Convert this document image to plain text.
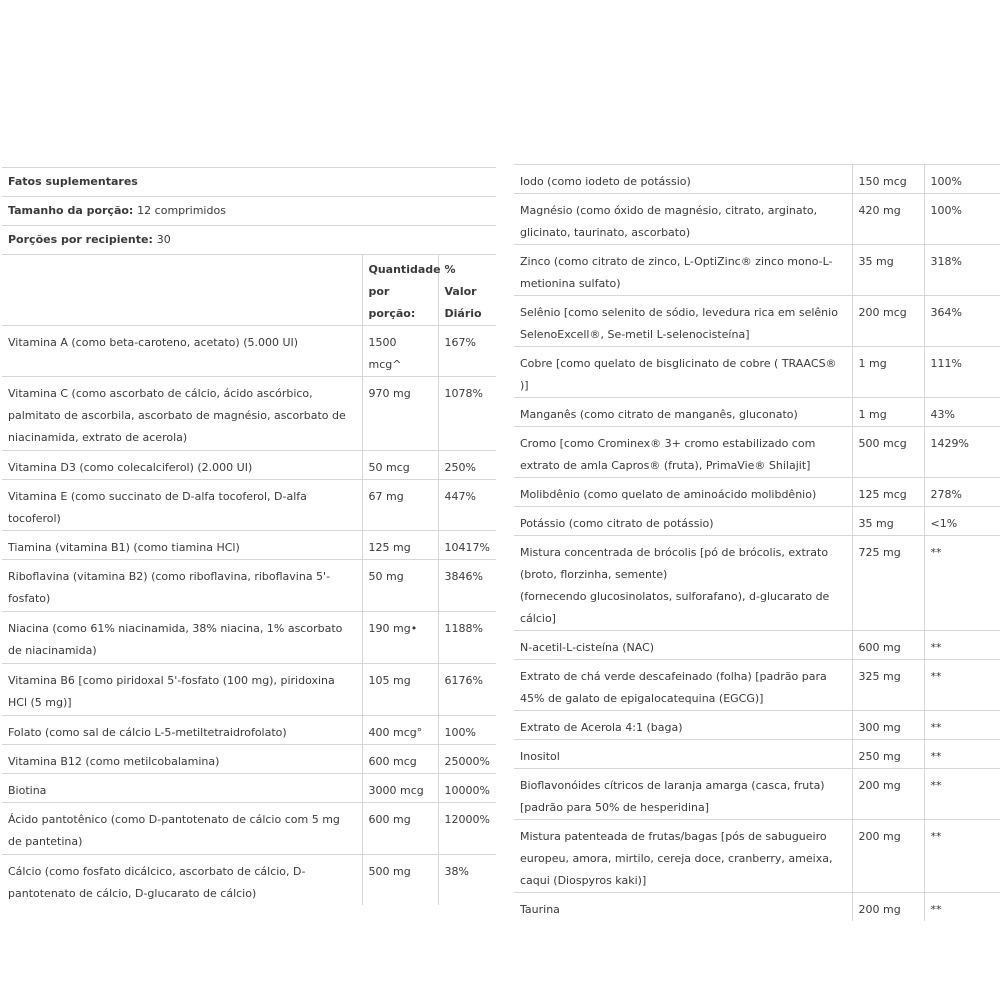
Fatos suplementares		
Tamanho da porção: 12 comprimidos		
Porções por recipiente: 30		
	Quantidade por porção:	% Valor Diário
Vitamina A (como beta-caroteno, acetato) (5.000 UI)	1500 mcg^	167%
Vitamina C (como ascorbato de cálcio, ácido ascórbico, palmitato de ascorbila, ascorbato de magnésio, ascorbato de niacinamida, extrato de acerola)	970 mg	1078%
Vitamina D3 (como colecalciferol) (2.000 UI)	50 mcg	250%
Vitamina E (como succinato de D-alfa tocoferol, D-alfa tocoferol)	67 mg	447%
Tiamina (vitamina B1) (como tiamina HCl)	125 mg	10417%
Riboflavina (vitamina B2) (como riboflavina, riboflavina 5'-fosfato)	50 mg	3846%
Niacina (como 61% niacinamida, 38% niacina, 1% ascorbato de niacinamida)	190 mg•	1188%
Vitamina B6 [como piridoxal 5'-fosfato (100 mg), piridoxina HCl (5 mg)]	105 mg	6176%
Folato (como sal de cálcio L-5-metiltetraidrofolato)	400 mcg°	100%
Vitamina B12 (como metilcobalamina)	600 mcg	25000%
Biotina	3000 mcg	10000%
Ácido pantotênico (como D-pantotenato de cálcio com 5 mg de pantetina)	600 mg	12000%
Cálcio (como fosfato dicálcico, ascorbato de cálcio, D-pantotenato de cálcio, D-glucarato de cálcio)	500 mg	38%
Iodo (como iodeto de potássio)	150 mcg	100%
Magnésio (como óxido de magnésio, citrato, arginato, glicinato, taurinato, ascorbato)	420 mg	100%
Zinco (como citrato de zinco, L-OptiZinc® zinco mono-L-metionina sulfato)	35 mg	318%
Selênio [como selenito de sódio, levedura rica em selênio SelenoExcell®, Se-metil L-selenocisteína]	200 mcg	364%
Cobre [como quelato de bisglicinato de cobre ( TRAACS® )]	1 mg	111%
Manganês (como citrato de manganês, gluconato)	1 mg	43%
Cromo [como Crominex® 3+ cromo estabilizado com extrato de amla Capros® (fruta), PrimaVie® Shilajit]	500 mcg	1429%
Molibdênio (como quelato de aminoácido molibdênio)	125 mcg	278%
Potássio (como citrato de potássio)	35 mg	<1%

Mistura concentrada de brócolis [pó de brócolis, extrato (broto, florzinha, semente)
(fornecendo glucosinolatos, sulforafano), d-glucarato de cálcio]	725 mg	**
N-acetil-L-cisteína (NAC)	600 mg	**
Extrato de chá verde descafeinado (folha) [padrão para 45% de galato de epigalocatequina (EGCG)]	325 mg	**
Extrato de Acerola 4:1 (baga)	300 mg	**
Inositol	250 mg	**
Bioflavonóides cítricos de laranja amarga (casca, fruta) [padrão para 50% de hesperidina]	200 mg	**
Mistura patenteada de frutas/bagas [pós de sabugueiro europeu, amora, mirtilo, cereja doce, cranberry, ameixa, caqui (Diospyros kaki)]	200 mg	**
Taurina	200 mg	**
